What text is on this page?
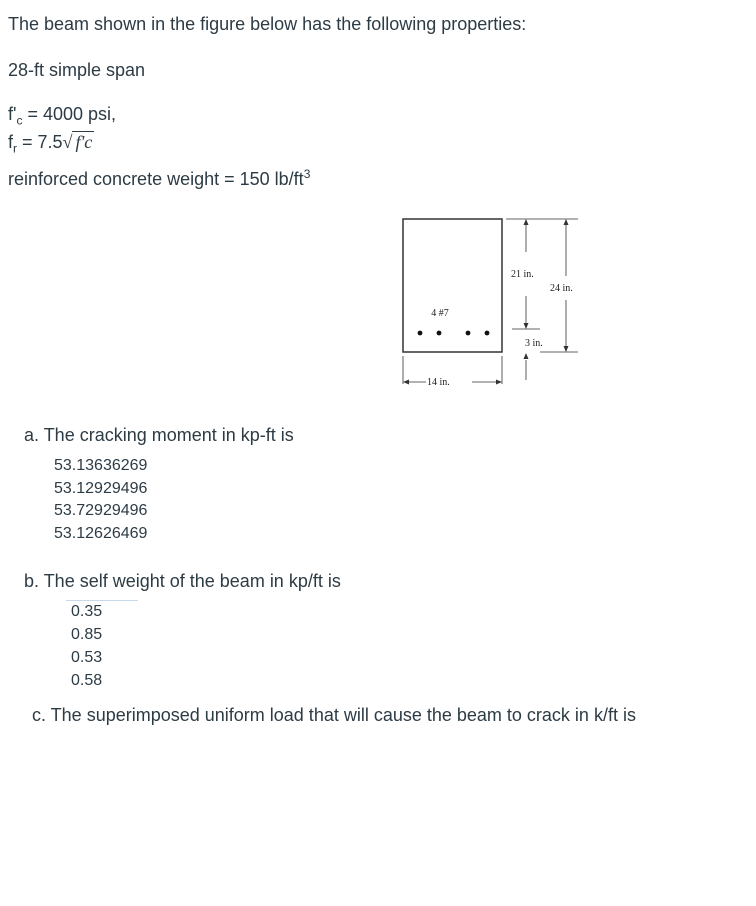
The beam shown in the figure below has the following properties:
28-ft simple span
$f'_c = 4000$ psi,
$f_r = 7.5√$ f'c
reinforced concrete weight = 150 $lb/ft^3$
4 #7
21 in.
24 in.
3 in.
14 in.
a. The cracking moment in kp-ft is
53.13636269
53.12929496
53.72929496
53.12626469
b. The self weight of the beam in kp/ft is
0.35
0.85
0.53
0.58
c. The superimposed uniform load that will cause the beam to crack in k/ft is
